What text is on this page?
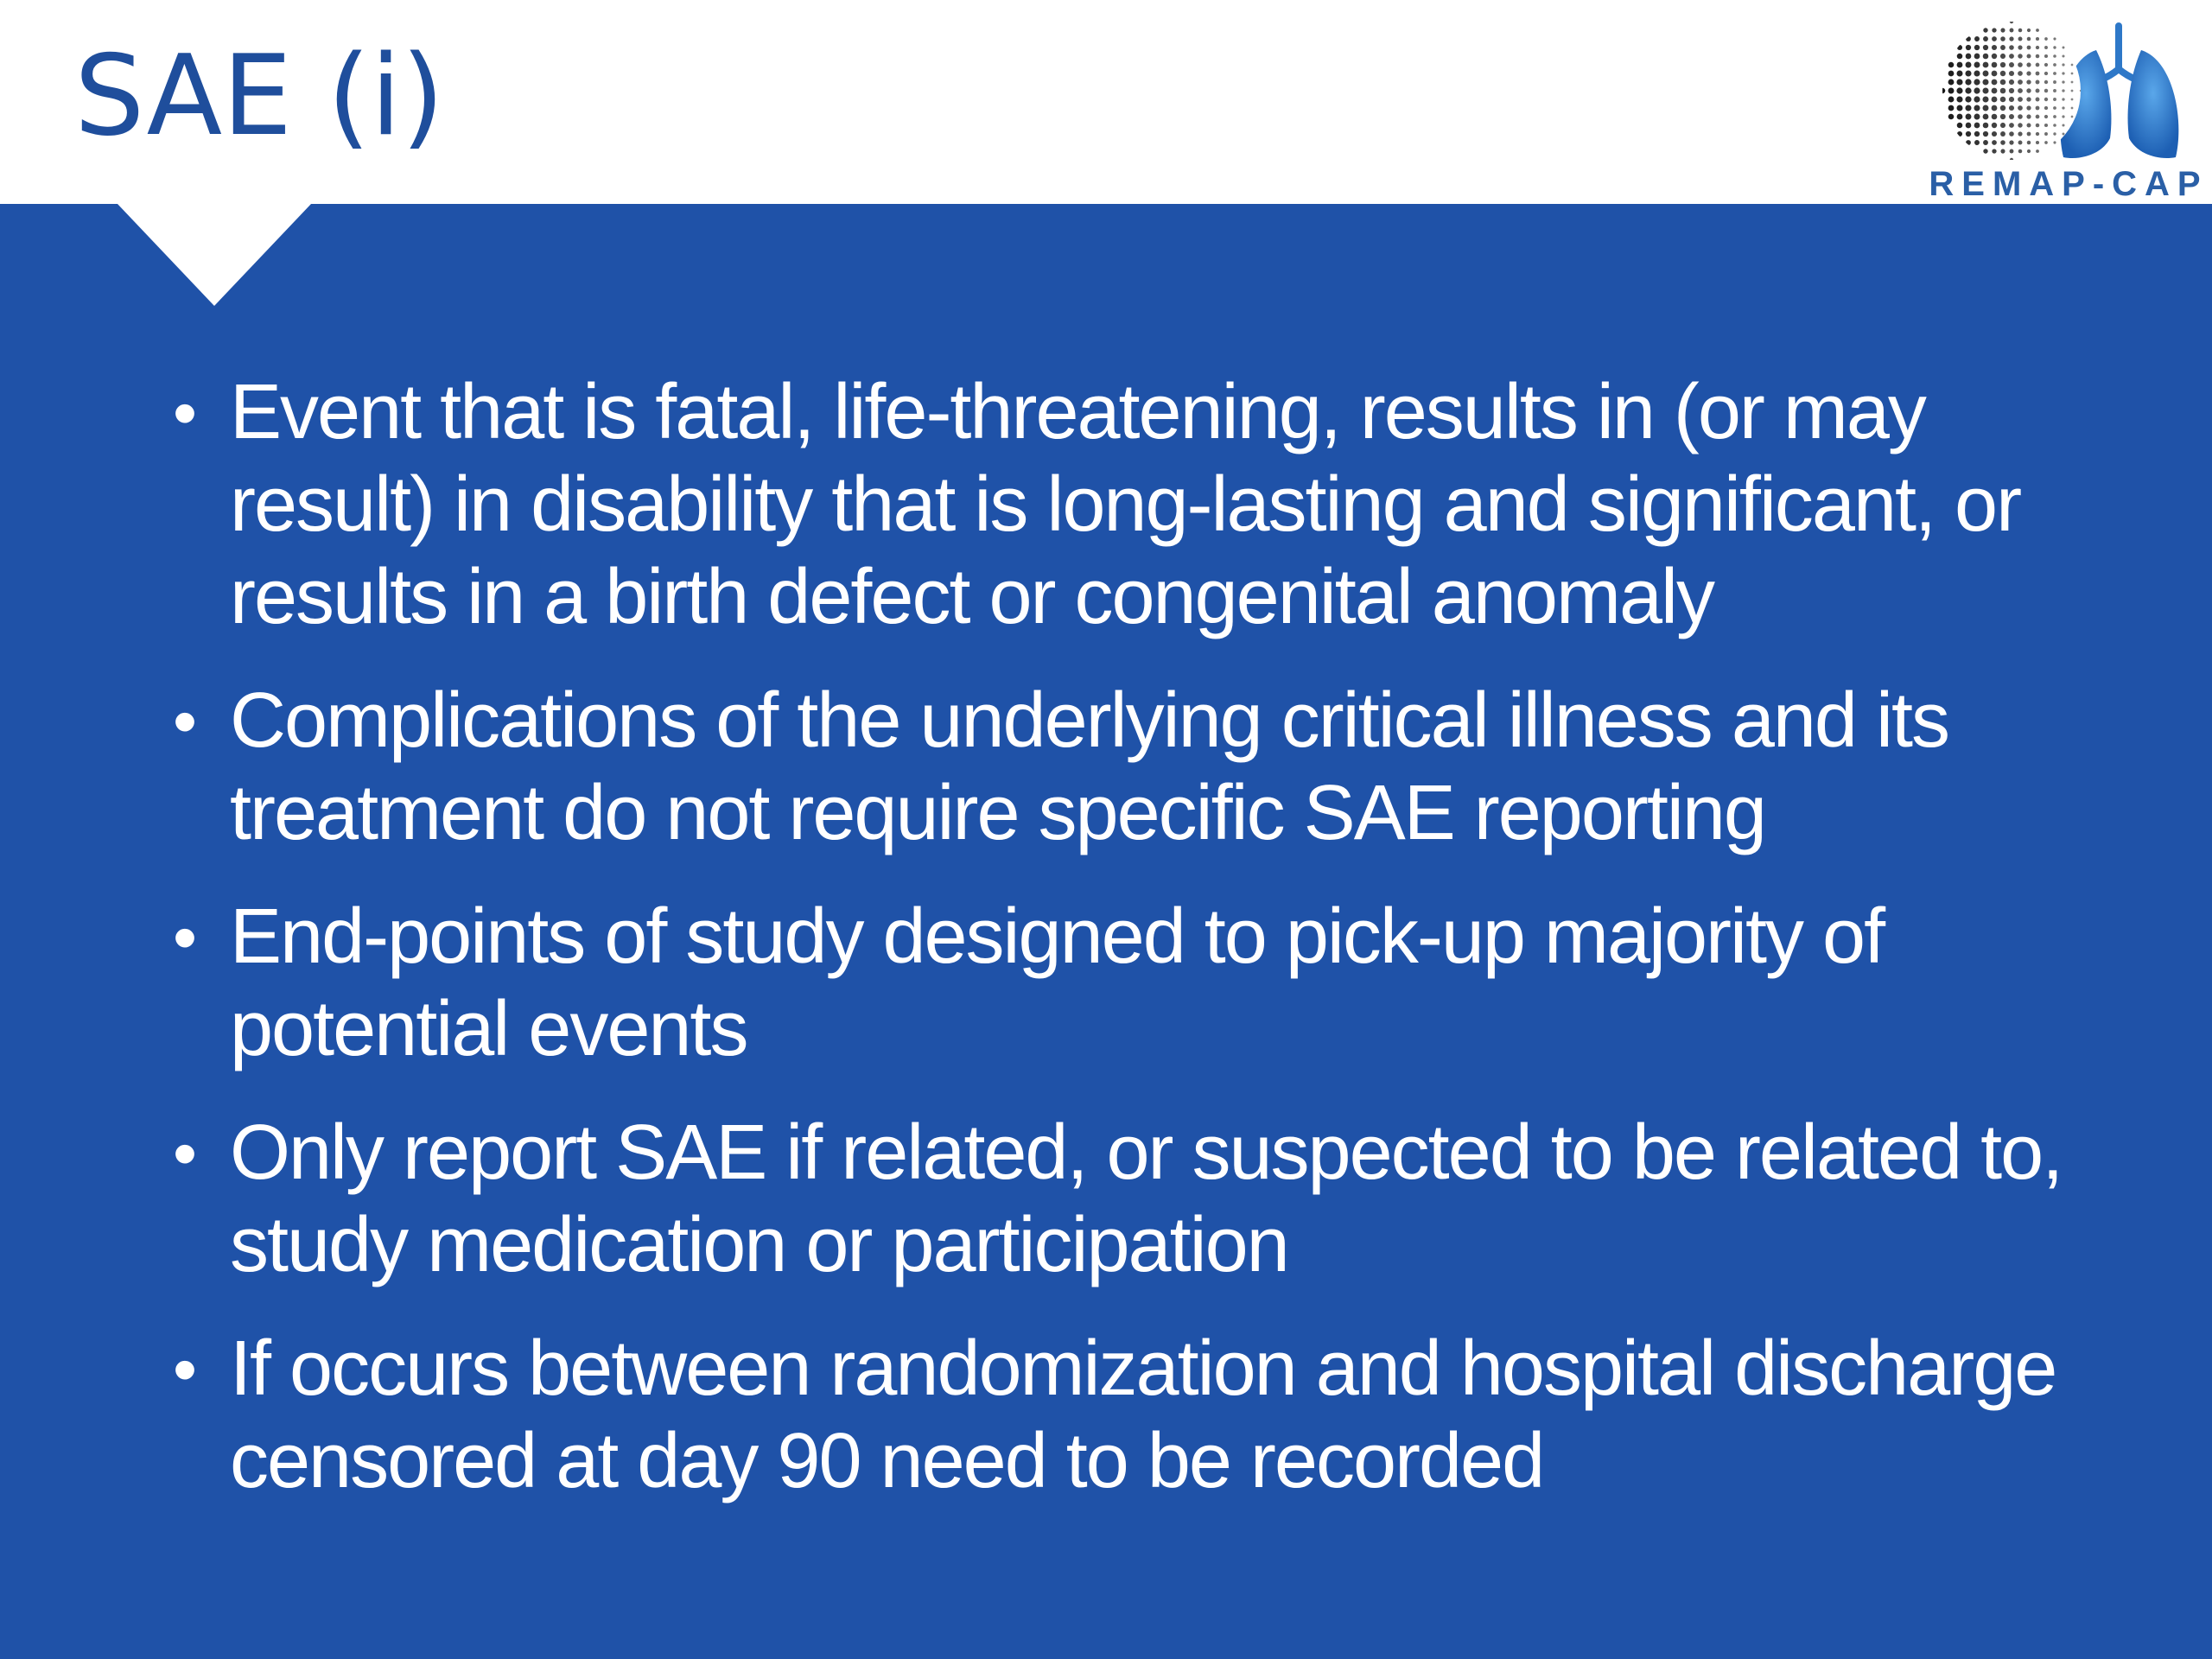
SAE (i)
REMAP-CAP
• Event that is fatal, life-threatening, results in (or may result) in disability that is long-lasting and significant, or results in a birth defect or congenital anomaly
• Complications of the underlying critical illness and its treatment do not require specific SAE reporting
• End-points of study designed to pick-up majority of potential events
• Only report SAE if related, or suspected to be related to, study medication or participation
• If occurs between randomization and hospital discharge censored at day 90 need to be recorded
